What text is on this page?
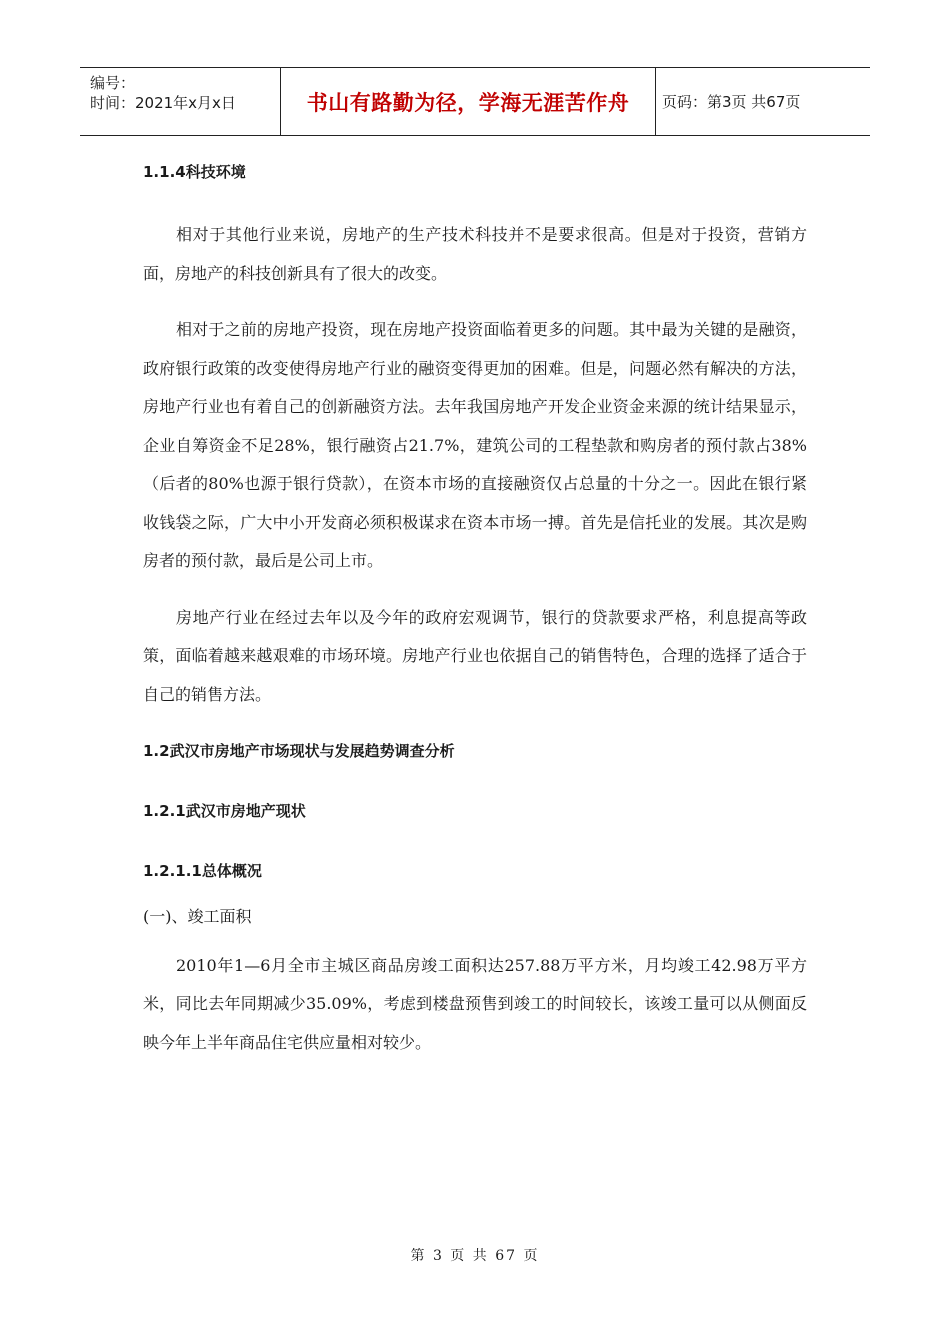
编号：
时间：2021年x月x日	书山有路勤为径，学海无涯苦作舟	页码：第3页 共67页
1.1.4科技环境

相对于其他行业来说，房地产的生产技术科技并不是要求很高。但是对于投资，营销方面，房地产的科技创新具有了很大的改变。

相对于之前的房地产投资，现在房地产投资面临着更多的问题。其中最为关键的是融资，政府银行政策的改变使得房地产行业的融资变得更加的困难。但是，问题必然有解决的方法，房地产行业也有着自己的创新融资方法。去年我国房地产开发企业资金来源的统计结果显示，企业自筹资金不足28%，银行融资占21.7%，建筑公司的工程垫款和购房者的预付款占38%（后者的80%也源于银行贷款），在资本市场的直接融资仅占总量的十分之一。因此在银行紧收钱袋之际，广大中小开发商必须积极谋求在资本市场一搏。首先是信托业的发展。其次是购房者的预付款，最后是公司上市。

房地产行业在经过去年以及今年的政府宏观调节，银行的贷款要求严格，利息提高等政策，面临着越来越艰难的市场环境。房地产行业也依据自己的销售特色，合理的选择了适合于自己的销售方法。

1.2武汉市房地产市场现状与发展趋势调查分析
1.2.1武汉市房地产现状
1.2.1.1总体概况

(一)、竣工面积

2010年1—6月全市主城区商品房竣工面积达257.88万平方米，月均竣工42.98万平方米，同比去年同期减少35.09%，考虑到楼盘预售到竣工的时间较长，该竣工量可以从侧面反映今年上半年商品住宅供应量相对较少。

第 3 页 共 67 页
